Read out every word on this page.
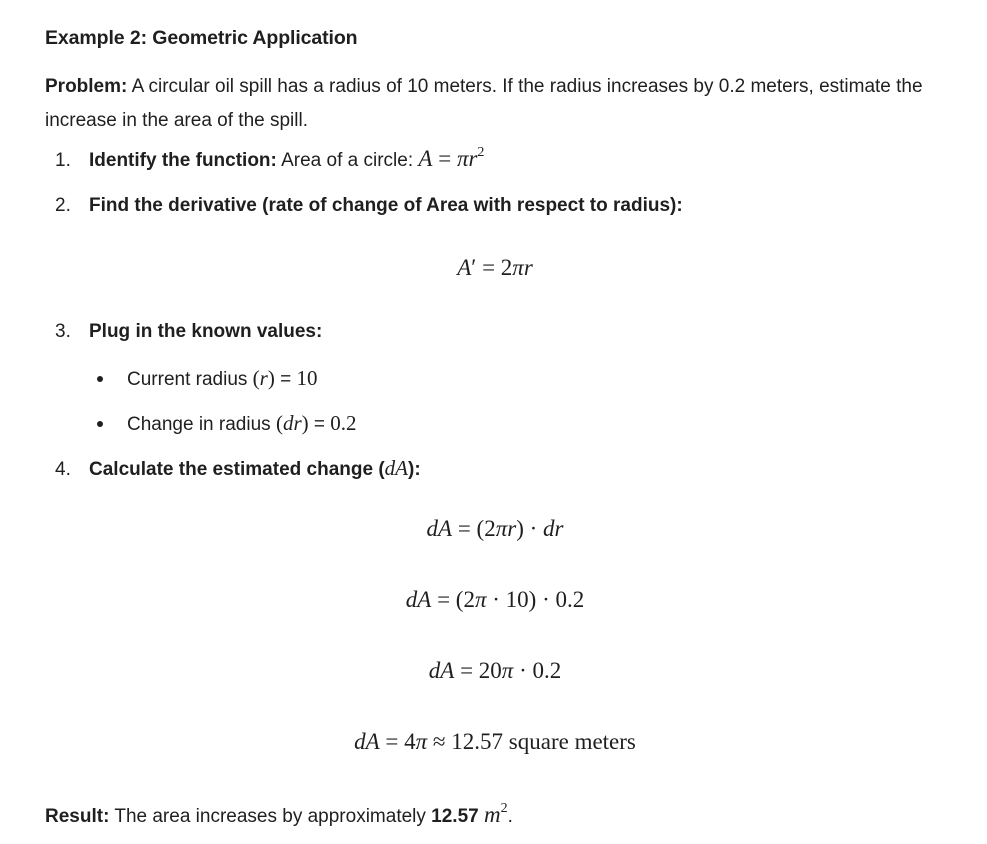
Example 2: Geometric Application
Problem: A circular oil spill has a radius of 10 meters. If the radius increases by 0.2 meters, estimate the increase in the area of the spill.
1. Identify the function: Area of a circle: $A = \pi r^2$
2. Find the derivative (rate of change of Area with respect to radius):
A′ = 2πr
3. Plug in the known values:
Current radius (r) = 10
Change in radius (dr) = 0.2
4. Calculate the estimated change (dA):
dA = (2πr) · dr
dA = (2π · 10) · 0.2
dA = 20π · 0.2
dA = 4π ≈ 12.57 square meters
Result: The area increases by approximately 12.57 $m^2$.
